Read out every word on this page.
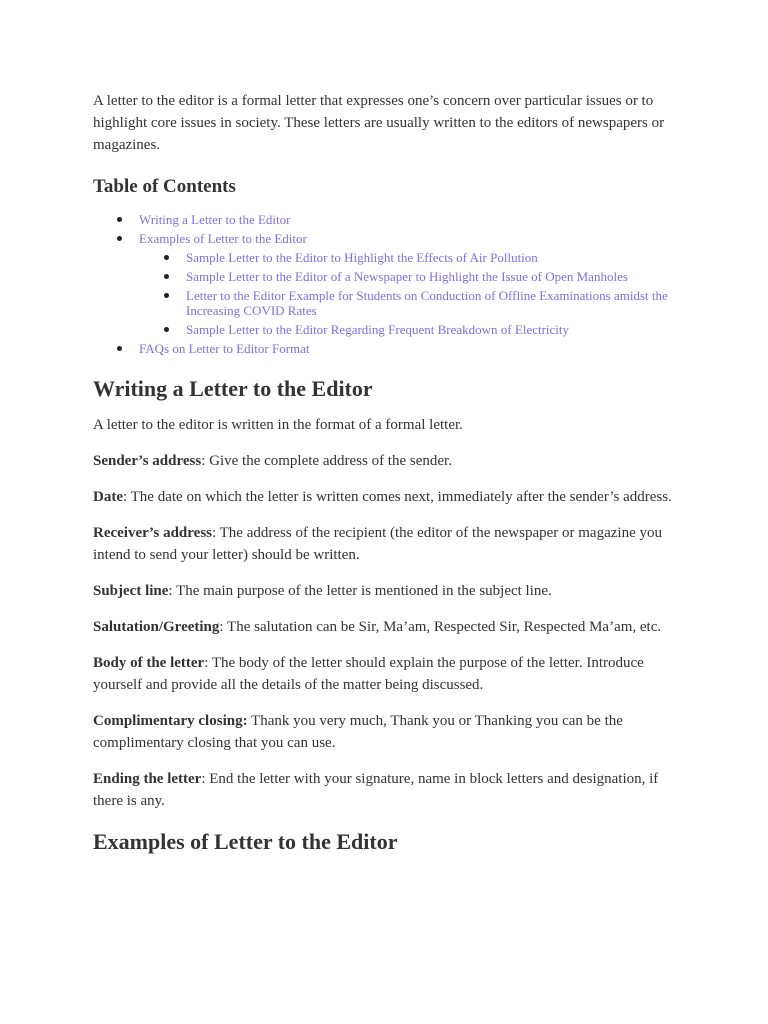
A letter to the editor is a formal letter that expresses one’s concern over particular issues or to highlight core issues in society. These letters are usually written to the editors of newspapers or magazines.

Table of Contents
Writing a Letter to the Editor
Examples of Letter to the Editor
Sample Letter to the Editor to Highlight the Effects of Air Pollution
Sample Letter to the Editor of a Newspaper to Highlight the Issue of Open Manholes
Letter to the Editor Example for Students on Conduction of Offline Examinations amidst the Increasing COVID Rates
Sample Letter to the Editor Regarding Frequent Breakdown of Electricity
FAQs on Letter to Editor Format
Writing a Letter to the Editor

A letter to the editor is written in the format of a formal letter.

Sender’s address: Give the complete address of the sender.

Date: The date on which the letter is written comes next, immediately after the sender’s address.

Receiver’s address: The address of the recipient (the editor of the newspaper or magazine you intend to send your letter) should be written.

Subject line: The main purpose of the letter is mentioned in the subject line.

Salutation/Greeting: The salutation can be Sir, Ma’am, Respected Sir, Respected Ma’am, etc.

Body of the letter: The body of the letter should explain the purpose of the letter. Introduce yourself and provide all the details of the matter being discussed.

Complimentary closing: Thank you very much, Thank you or Thanking you can be the complimentary closing that you can use.

Ending the letter: End the letter with your signature, name in block letters and designation, if there is any.

Examples of Letter to the Editor
